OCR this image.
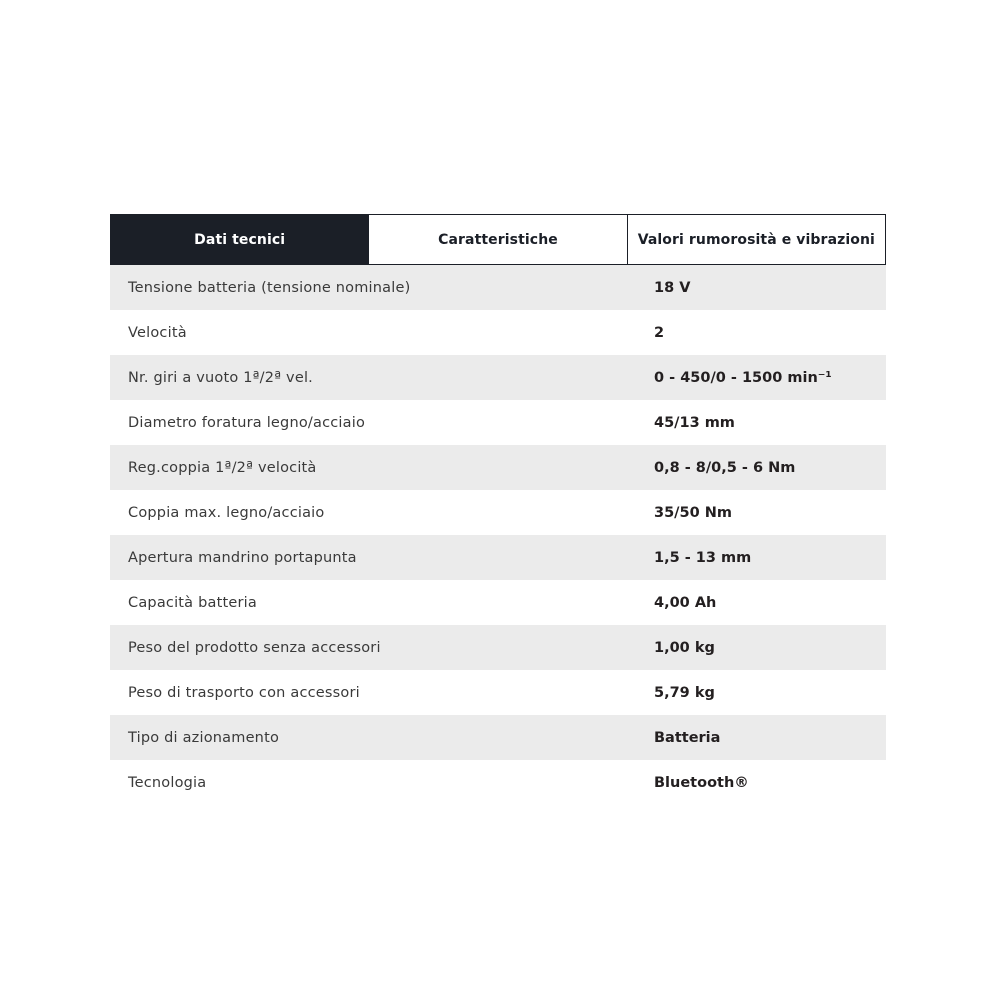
Dati tecnici	Caratteristiche	Valori rumorosità e vibrazioni
Tensione batteria (tensione nominale)	18 V
Velocità	2
Nr. giri a vuoto 1ª/2ª vel.	0 - 450/0 - 1500 min⁻¹
Diametro foratura legno/acciaio	45/13 mm
Reg.coppia 1ª/2ª velocità	0,8 - 8/0,5 - 6 Nm
Coppia max. legno/acciaio	35/50 Nm
Apertura mandrino portapunta	1,5 - 13 mm
Capacità batteria	4,00 Ah
Peso del prodotto senza accessori	1,00 kg
Peso di trasporto con accessori	5,79 kg
Tipo di azionamento	Batteria
Tecnologia	Bluetooth®
